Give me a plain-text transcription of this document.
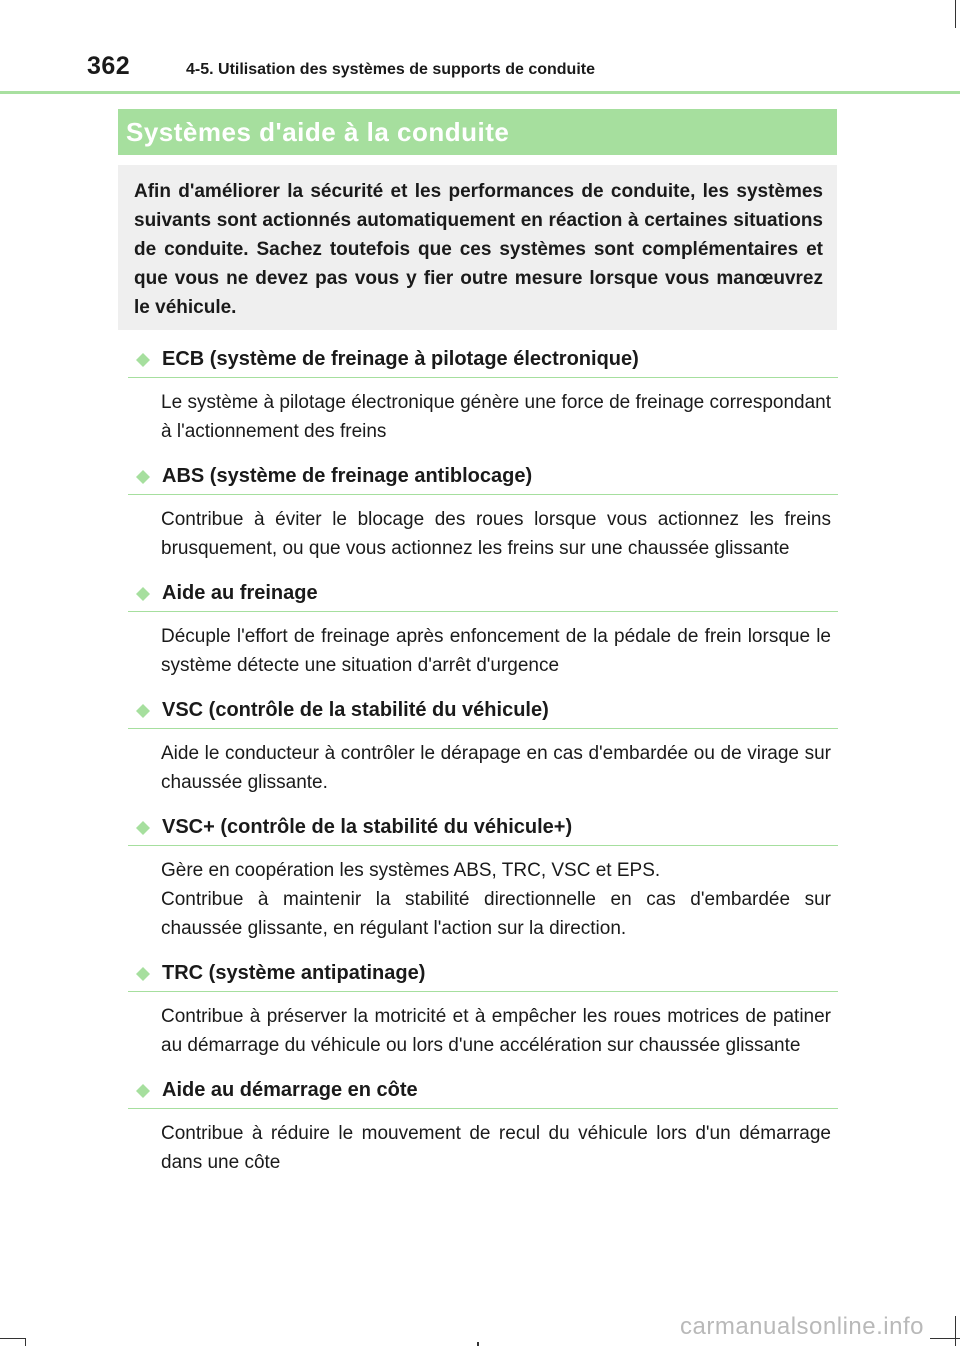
362	4-5. Utilisation des systèmes de supports de conduite
Systèmes d'aide à la conduite
Afin d'améliorer la sécurité et les performances de conduite, les systèmes suivants sont actionnés automatiquement en réaction à certaines situations de conduite. Sachez toutefois que ces systèmes sont complémentaires et que vous ne devez pas vous y fier outre mesure lorsque vous manœuvrez le véhicule.
ECB (système de freinage à pilotage électronique)

Le système à pilotage électronique génère une force de freinage correspondant à l'actionnement des freins

ABS (système de freinage antiblocage)

Contribue à éviter le blocage des roues lorsque vous actionnez les freins brusquement, ou que vous actionnez les freins sur une chaussée glissante

Aide au freinage

Décuple l'effort de freinage après enfoncement de la pédale de frein lorsque le système détecte une situation d'arrêt d'urgence

VSC (contrôle de la stabilité du véhicule)

Aide le conducteur à contrôler le dérapage en cas d'embardée ou de virage sur chaussée glissante.

VSC+ (contrôle de la stabilité du véhicule+)

Gère en coopération les systèmes ABS, TRC, VSC et EPS.

Contribue à maintenir la stabilité directionnelle en cas d'embardée sur chaussée glissante, en régulant l'action sur la direction.

TRC (système antipatinage)

Contribue à préserver la motricité et à empêcher les roues motrices de patiner au démarrage du véhicule ou lors d'une accélération sur chaussée glissante

Aide au démarrage en côte

Contribue à réduire le mouvement de recul du véhicule lors d'un démarrage dans une côte

carmanualsonline.info
